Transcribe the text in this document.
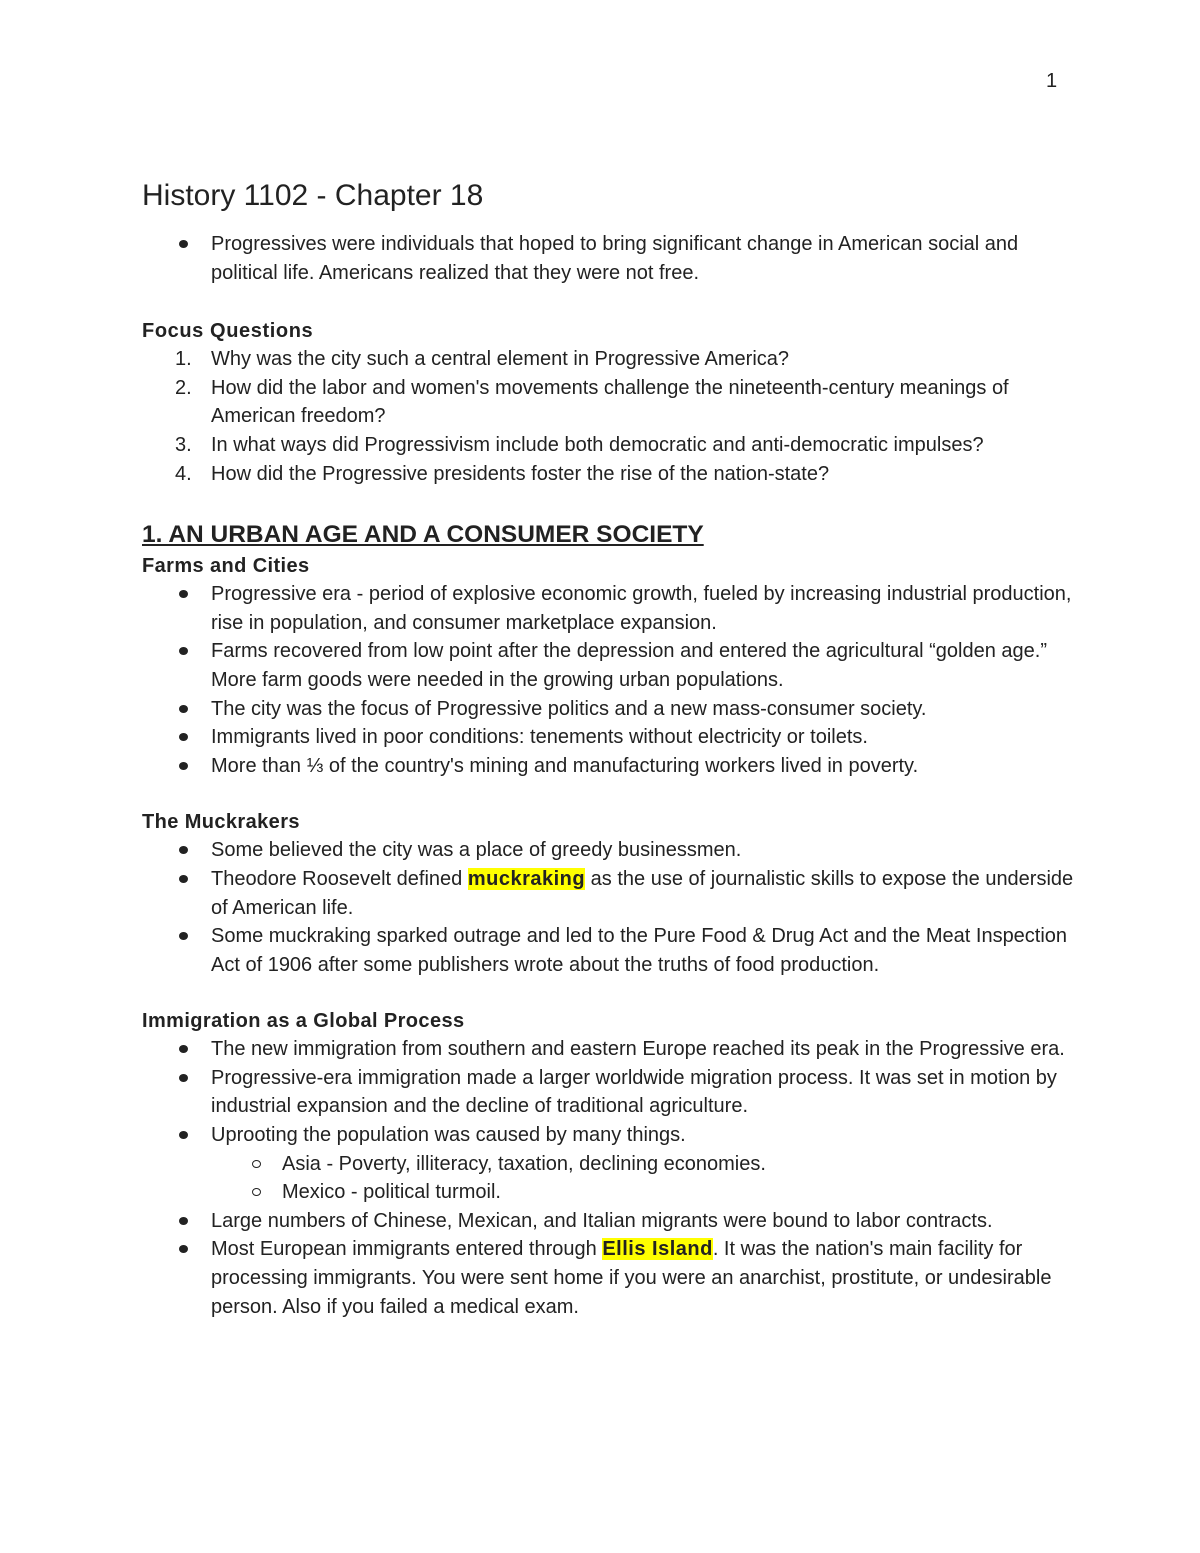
1
History 1102 - Chapter 18
Progressives were individuals that hoped to bring significant change in American social and political life. Americans realized that they were not free.
Focus Questions
1. Why was the city such a central element in Progressive America?
2. How did the labor and women's movements challenge the nineteenth-century meanings of American freedom?
3. In what ways did Progressivism include both democratic and anti-democratic impulses?
4. How did the Progressive presidents foster the rise of the nation-state?
1. AN URBAN AGE AND A CONSUMER SOCIETY
Farms and Cities
Progressive era - period of explosive economic growth, fueled by increasing industrial production, rise in population, and consumer marketplace expansion.
Farms recovered from low point after the depression and entered the agricultural “golden age.” More farm goods were needed in the growing urban populations.
The city was the focus of Progressive politics and a new mass-consumer society.
Immigrants lived in poor conditions: tenements without electricity or toilets.
More than ⅓ of the country's mining and manufacturing workers lived in poverty.
The Muckrakers
Some believed the city was a place of greedy businessmen.
Theodore Roosevelt defined muckraking as the use of journalistic skills to expose the underside of American life.
Some muckraking sparked outrage and led to the Pure Food & Drug Act and the Meat Inspection Act of 1906 after some publishers wrote about the truths of food production.
Immigration as a Global Process
The new immigration from southern and eastern Europe reached its peak in the Progressive era.
Progressive-era immigration made a larger worldwide migration process. It was set in motion by industrial expansion and the decline of traditional agriculture.
Uprooting the population was caused by many things.
Asia - Poverty, illiteracy, taxation, declining economies.
Mexico - political turmoil.
Large numbers of Chinese, Mexican, and Italian migrants were bound to labor contracts.
Most European immigrants entered through Ellis Island. It was the nation's main facility for processing immigrants. You were sent home if you were an anarchist, prostitute, or undesirable person. Also if you failed a medical exam.
